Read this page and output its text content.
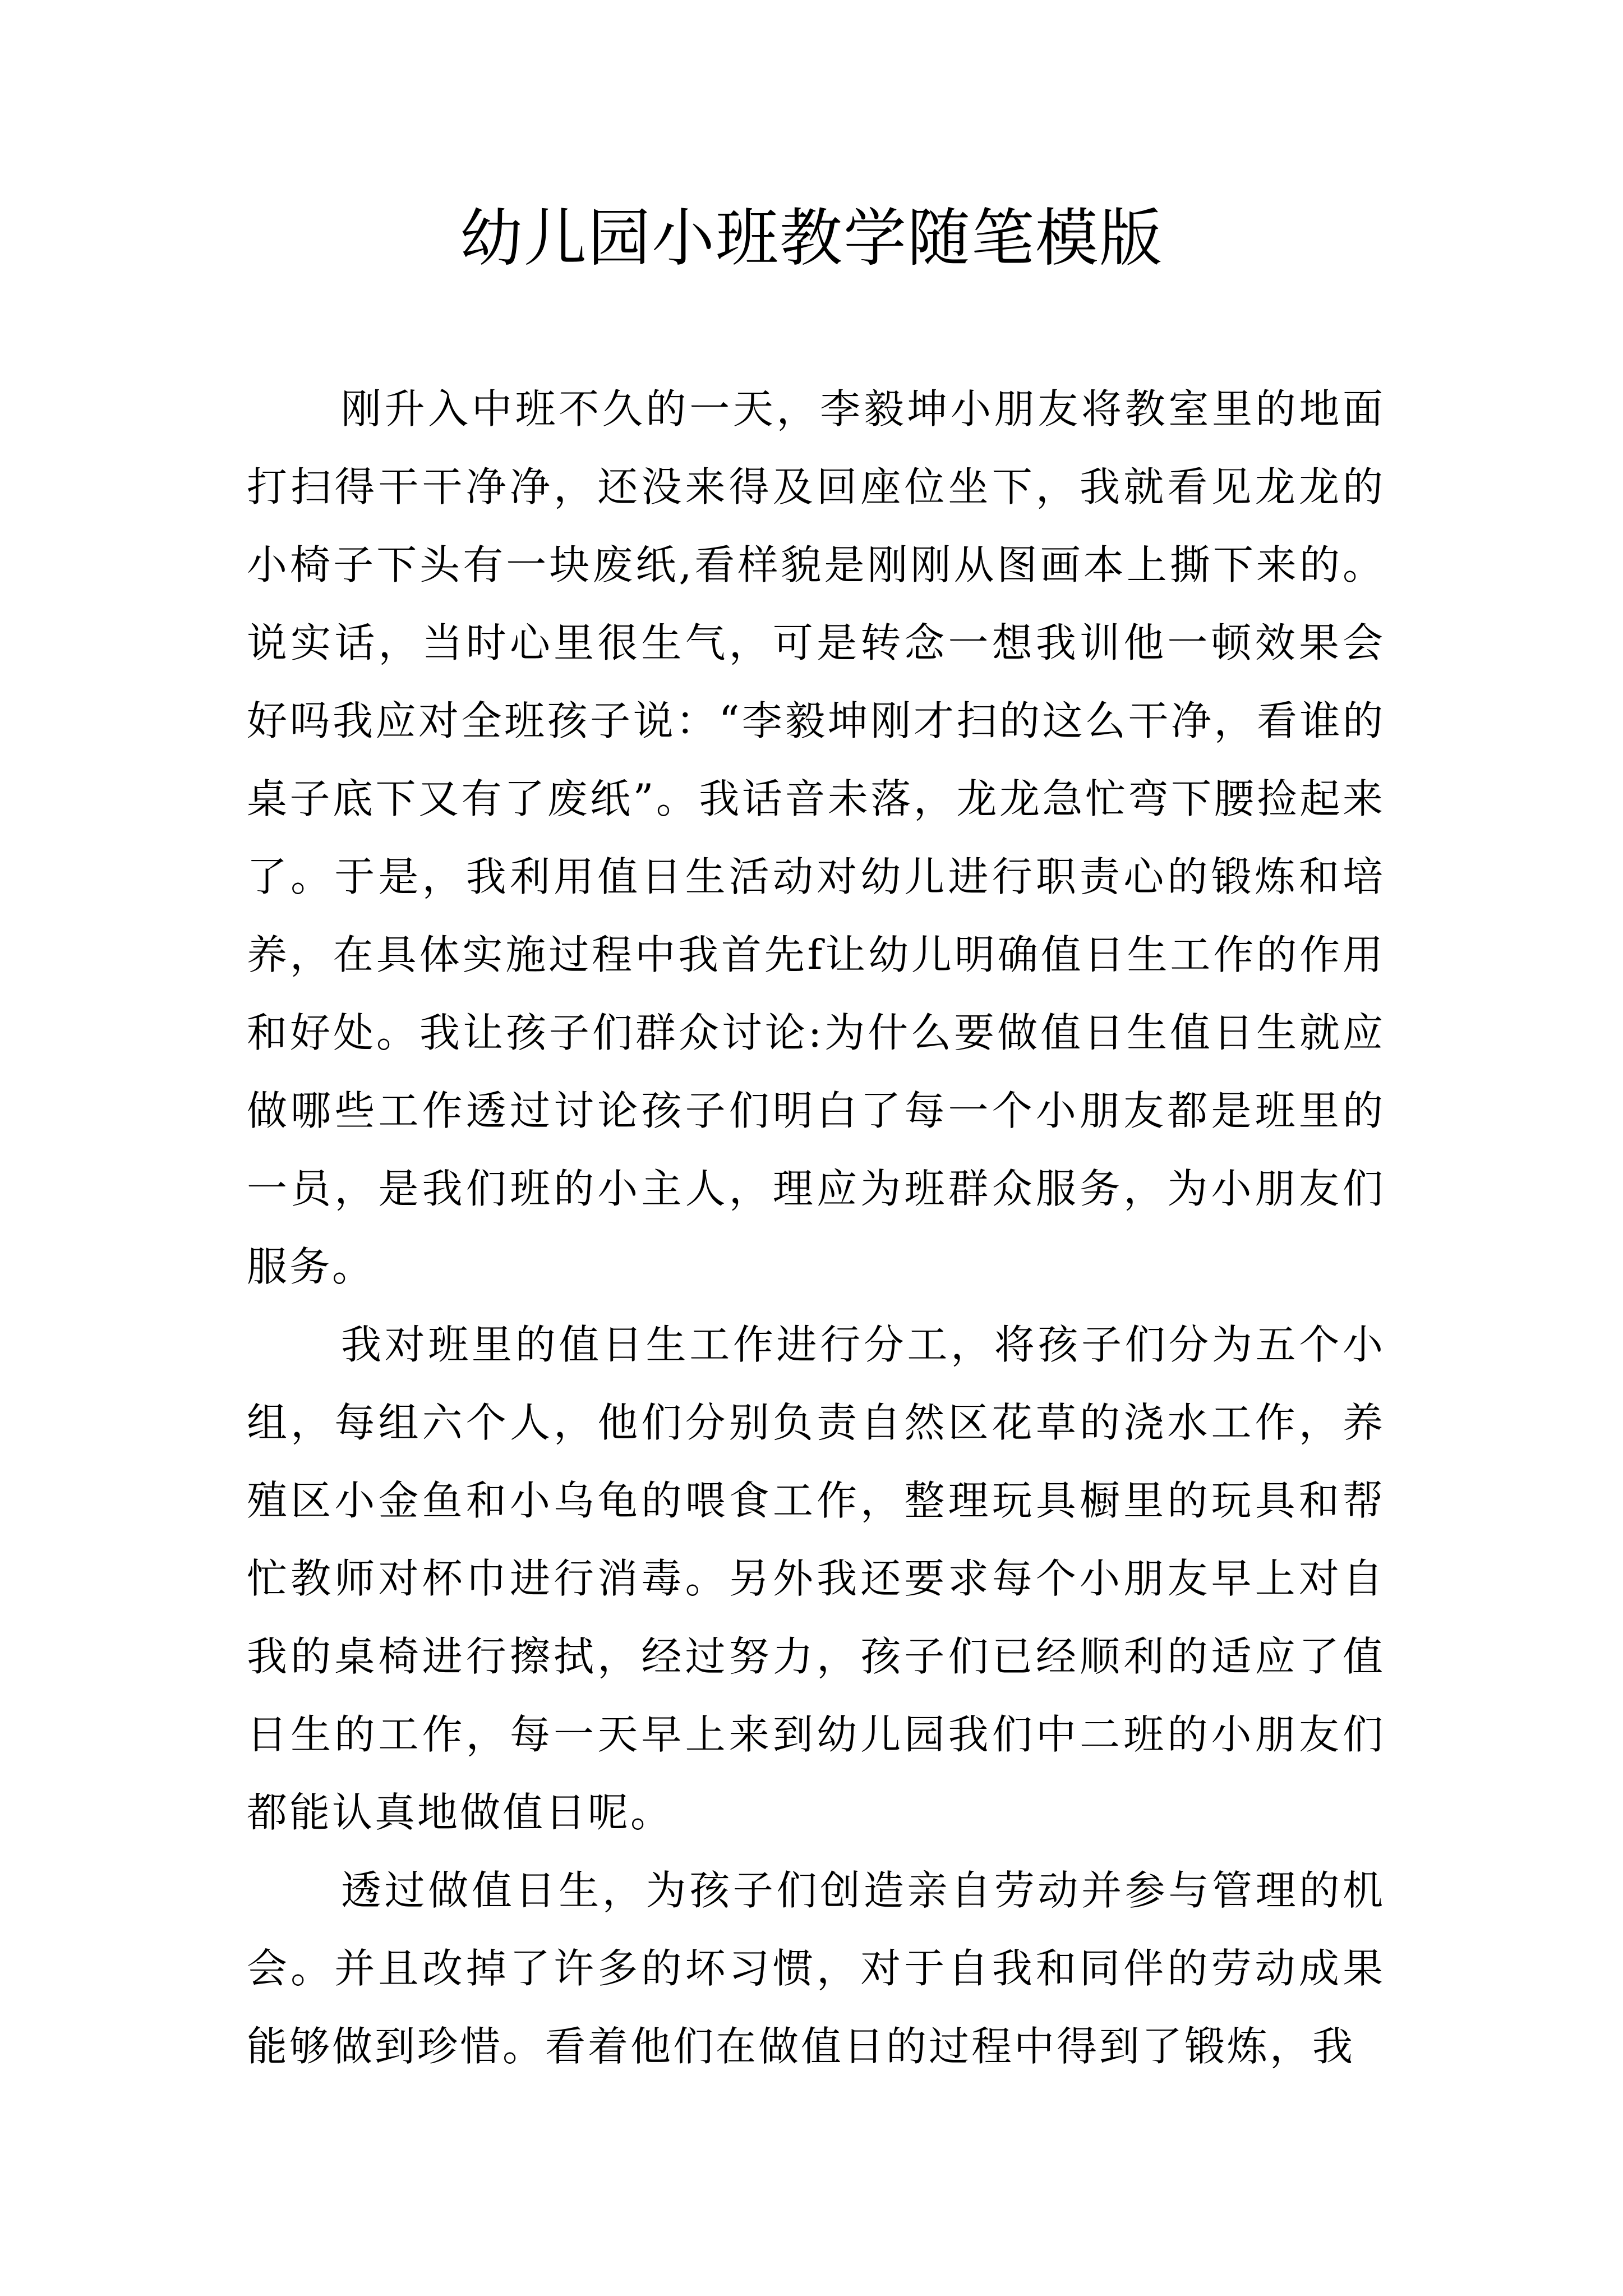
幼儿园小班教学随笔模版

刚升入中班不久的一天，李毅坤小朋友将教室里的地面打扫得干干净净，还没来得及回座位坐下，我就看见龙龙的小椅子下头有一块废纸,看样貌是刚刚从图画本上撕下来的。说实话，当时心里很生气，可是转念一想我训他一顿效果会好吗我应对全班孩子说：“李毅坤刚才扫的这么干净，看谁的桌子底下又有了废纸”。我话音未落，龙龙急忙弯下腰捡起来了。于是，我利用值日生活动对幼儿进行职责心的锻炼和培养，在具体实施过程中我首先f让幼儿明确值日生工作的作用和好处。我让孩子们群众讨论:为什么要做值日生值日生就应做哪些工作透过讨论孩子们明白了每一个小朋友都是班里的一员，是我们班的小主人，理应为班群众服务，为小朋友们服务。

我对班里的值日生工作进行分工，将孩子们分为五个小组，每组六个人，他们分别负责自然区花草的浇水工作，养殖区小金鱼和小乌龟的喂食工作，整理玩具橱里的玩具和帮忙教师对杯巾进行消毒。另外我还要求每个小朋友早上对自我的桌椅进行擦拭，经过努力，孩子们已经顺利的适应了值日生的工作，每一天早上来到幼儿园我们中二班的小朋友们都能认真地做值日呢。

透过做值日生，为孩子们创造亲自劳动并参与管理的机会。并且改掉了许多的坏习惯，对于自我和同伴的劳动成果能够做到珍惜。看着他们在做值日的过程中得到了锻炼，我
